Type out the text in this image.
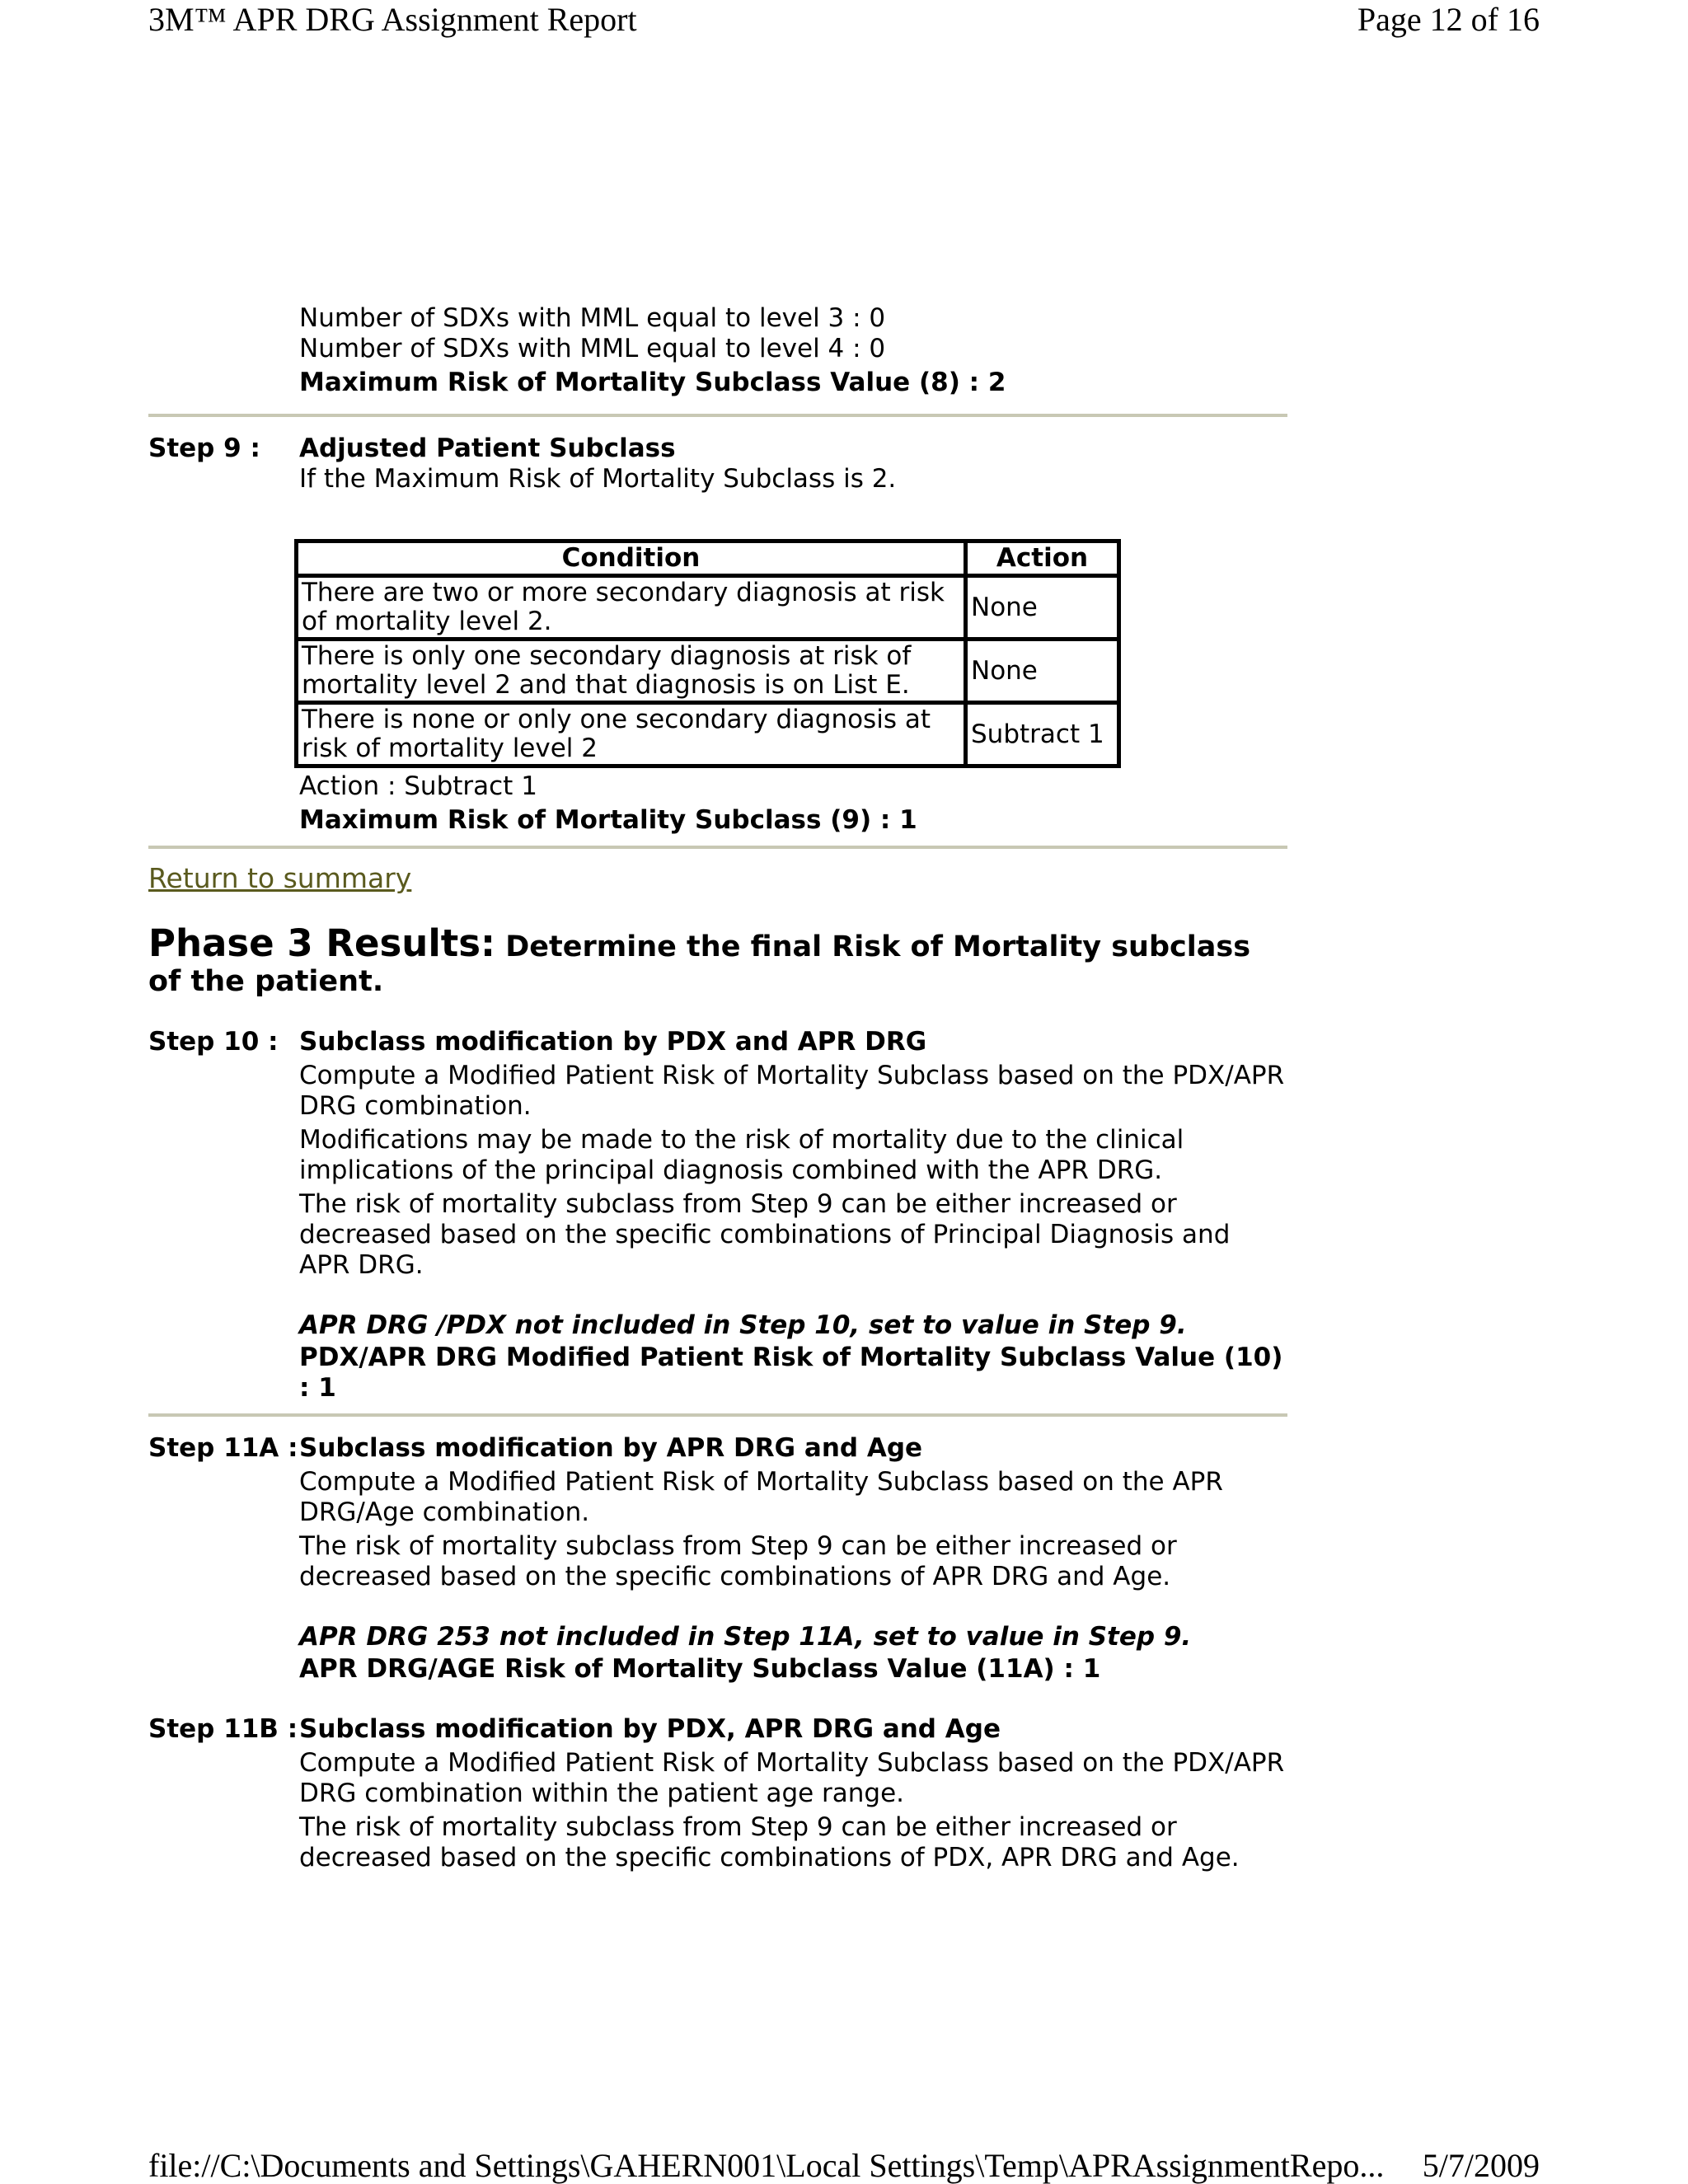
3M™ APR DRG Assignment Report	Page 12 of 16
Number of SDXs with MML equal to level 3 : 0
Number of SDXs with MML equal to level 4 : 0
Maximum Risk of Mortality Subclass Value (8) : 2
Step 9 :	Adjusted Patient Subclass
If the Maximum Risk of Mortality Subclass is 2.
Condition	Action
There are two or more secondary diagnosis at risk of mortality level 2.	None
There is only one secondary diagnosis at risk of mortality level 2 and that diagnosis is on List E.	None
There is none or only one secondary diagnosis at risk of mortality level 2	Subtract 1
Action : Subtract 1
Maximum Risk of Mortality Subclass (9) : 1
Return to summary
Phase 3 Results: Determine the final Risk of Mortality subclass of the patient.
Step 10 : Subclass modification by PDX and APR DRG
Compute a Modified Patient Risk of Mortality Subclass based on the PDX/APR DRG combination.
Modifications may be made to the risk of mortality due to the clinical implications of the principal diagnosis combined with the APR DRG.
The risk of mortality subclass from Step 9 can be either increased or decreased based on the specific combinations of Principal Diagnosis and APR DRG.
APR DRG /PDX not included in Step 10, set to value in Step 9.
PDX/APR DRG Modified Patient Risk of Mortality Subclass Value (10) : 1
Step 11A : Subclass modification by APR DRG and Age
Compute a Modified Patient Risk of Mortality Subclass based on the APR DRG/Age combination.
The risk of mortality subclass from Step 9 can be either increased or decreased based on the specific combinations of APR DRG and Age.
APR DRG 253 not included in Step 11A, set to value in Step 9.
APR DRG/AGE Risk of Mortality Subclass Value (11A) : 1
Step 11B : Subclass modification by PDX, APR DRG and Age
Compute a Modified Patient Risk of Mortality Subclass based on the PDX/APR DRG combination within the patient age range.
The risk of mortality subclass from Step 9 can be either increased or decreased based on the specific combinations of PDX, APR DRG and Age.
file://C:\Documents and Settings\GAHERN001\Local Settings\Temp\APRAssignmentRepo... 5/7/2009
